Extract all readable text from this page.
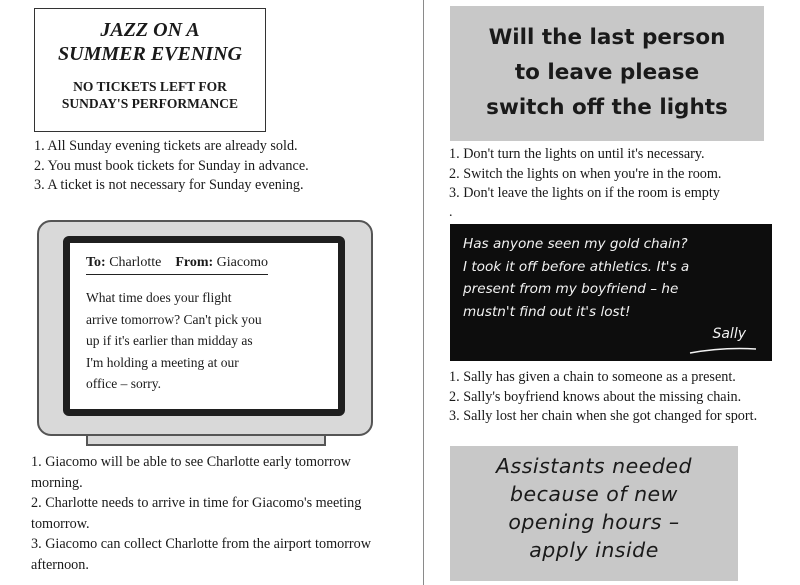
JAZZ ON A
SUMMER EVENING
NO TICKETS LEFT FOR
SUNDAY'S PERFORMANCE
1. All Sunday evening tickets are already sold.
2. You must book tickets for Sunday in advance.
3. A ticket is not necessary for Sunday evening.
To: Charlotte From: Giacomo
What time does your flight
arrive tomorrow? Can't pick you
up if it's earlier than midday as
I'm holding a meeting at our
office – sorry.
1. Giacomo will be able to see Charlotte early tomorrow
morning.
2. Charlotte needs to arrive in time for Giacomo's meeting
tomorrow.
3. Giacomo can collect Charlotte from the airport tomorrow
afternoon.
Will the last person
to leave please
switch off the lights
1. Don't turn the lights on until it's necessary.
2. Switch the lights on when you're in the room.
3. Don't leave the lights on if the room is empty
.
Has anyone seen my gold chain?
I took it off before athletics. It's a
present from my boyfriend – he
mustn't find out it's lost!
Sally
1. Sally has given a chain to someone as a present.
2. Sally's boyfriend knows about the missing chain.
3. Sally lost her chain when she got changed for sport.
Assistants needed
because of new
opening hours –
apply inside
